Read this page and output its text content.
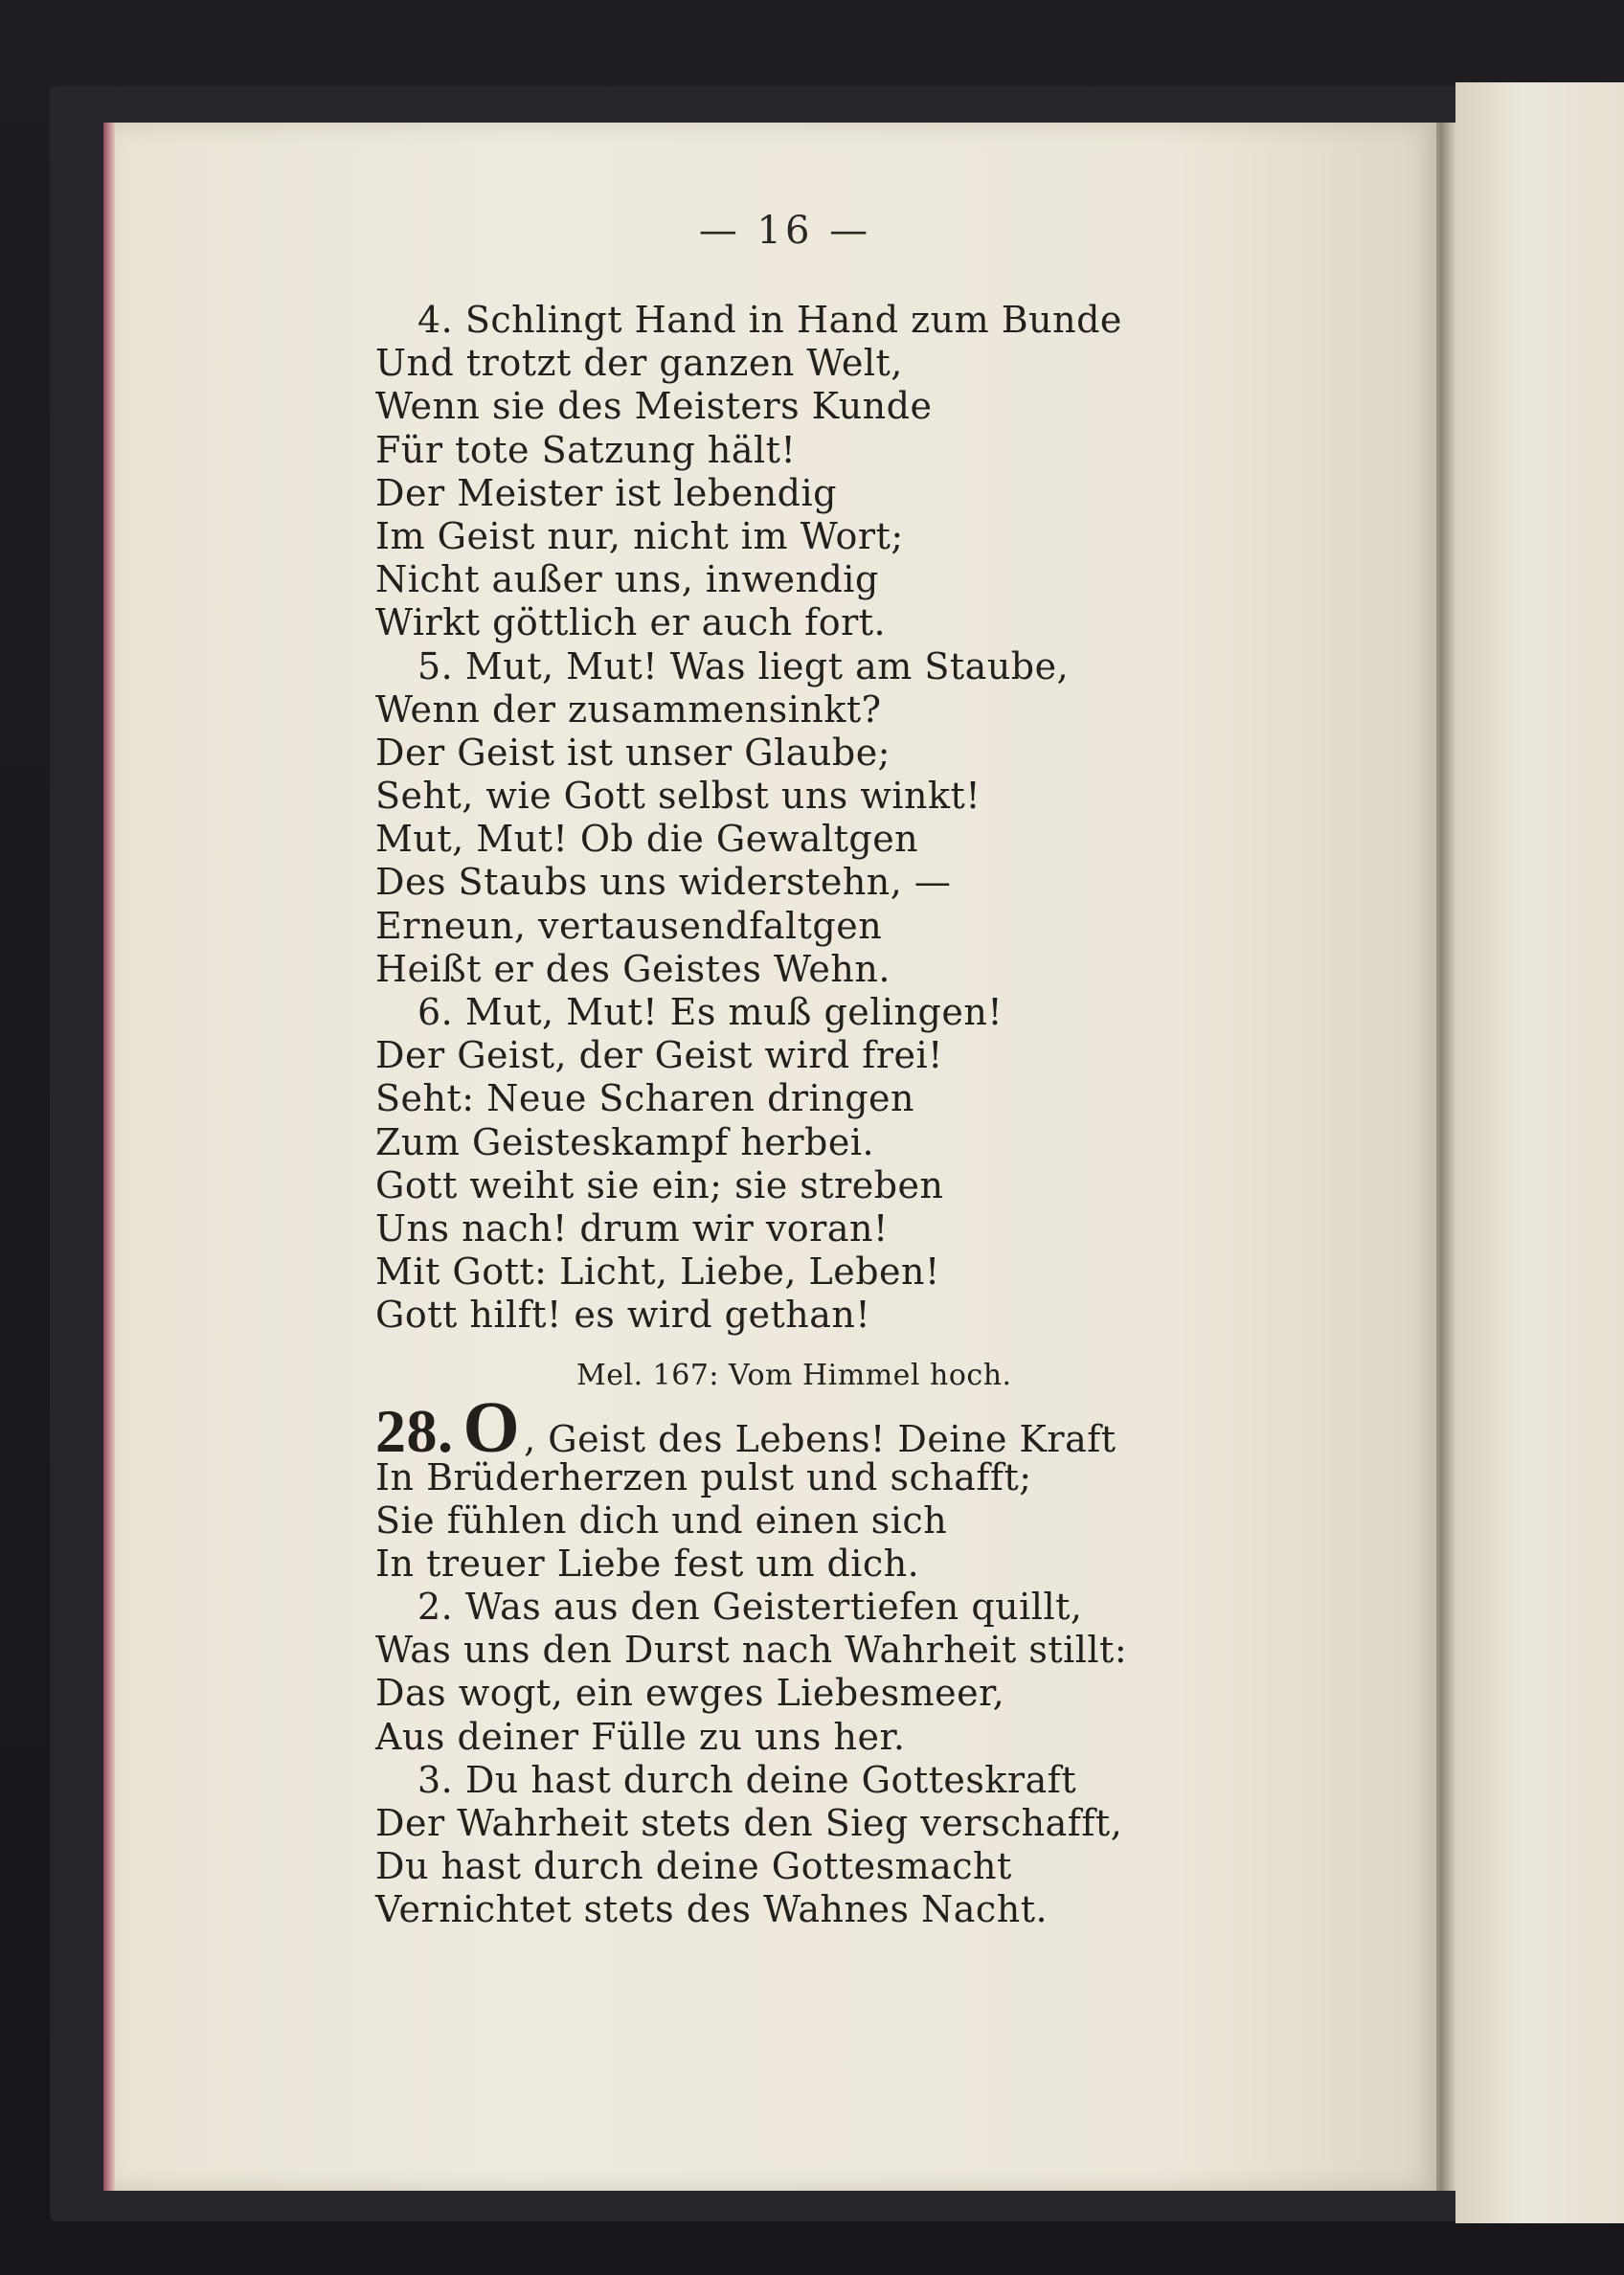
— 16 —
4. Schlingt Hand in Hand zum Bunde
Und trotzt der ganzen Welt,
Wenn sie des Meisters Kunde
Für tote Satzung hält!
Der Meister ist lebendig
Im Geist nur, nicht im Wort;
Nicht außer uns, inwendig
Wirkt göttlich er auch fort.
5. Mut, Mut! Was liegt am Staube,
Wenn der zusammensinkt?
Der Geist ist unser Glaube;
Seht, wie Gott selbst uns winkt!
Mut, Mut! Ob die Gewaltgen
Des Staubs uns widerstehn, —
Erneun, vertausendfaltgen
Heißt er des Geistes Wehn.
6. Mut, Mut! Es muß gelingen!
Der Geist, der Geist wird frei!
Seht: Neue Scharen dringen
Zum Geisteskampf herbei.
Gott weiht sie ein; sie streben
Uns nach! drum wir voran!
Mit Gott: Licht, Liebe, Leben!
Gott hilft! es wird gethan!
Mel. 167: Vom Himmel hoch.
28. O , Geist des Lebens! Deine Kraft
In Brüderherzen pulst und schafft;
Sie fühlen dich und einen sich
In treuer Liebe fest um dich.
2. Was aus den Geistertiefen quillt,
Was uns den Durst nach Wahrheit stillt:
Das wogt, ein ewges Liebesmeer,
Aus deiner Fülle zu uns her.
3. Du hast durch deine Gotteskraft
Der Wahrheit stets den Sieg verschafft,
Du hast durch deine Gottesmacht
Vernichtet stets des Wahnes Nacht.
